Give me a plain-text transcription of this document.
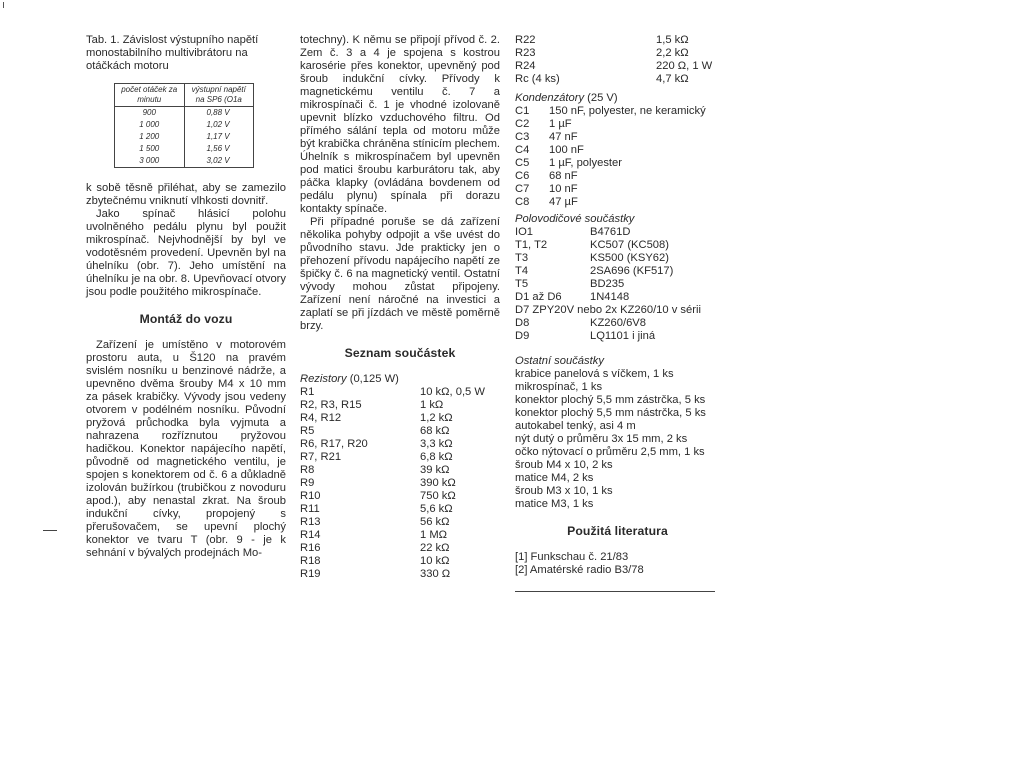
Tab. 1. Závislost výstupního napětí monostabilního multivibrátoru na otáčkách motoru

počet otáček za minutu	výstupní napětí na SP6 (O1a
900	0,88 V
1 000	1,02 V
1 200	1,17 V
1 500	1,56 V
3 000	3,02 V

k sobě těsně přiléhat, aby se zamezilo zbytečnému vniknutí vlhkosti dovnitř.

Jako spínač hlásicí polohu uvolněného pedálu plynu byl použit mikrospínač. Nejvhodnější by byl ve vodotěsném provedení. Upevněn byl na úhelníku (obr. 7). Jeho umístění na úhelníku je na obr. 8. Upevňovací otvory jsou podle použitého mikrospínače.

Montáž do vozu

Zařízení je umístěno v motorovém prostoru auta, u Š120 na pravém svislém nosníku u benzinové nádrže, a upevněno dvěma šrouby M4 x 10 mm za pásek krabičky. Vývody jsou vedeny otvorem v podélném nosníku. Původní pryžová průchodka byla vyjmuta a nahrazena rozříznutou pryžovou hadičkou. Konektor napájecího napětí, původně od magnetického ventilu, je spojen s konektorem od č. 6 a důkladně izolován bužírkou (trubičkou z novoduru apod.), aby nenastal zkrat. Na šroub indukční cívky, propojený s přerušovačem, se upevní plochý konektor ve tvaru T (obr. 9 - je k sehnání v bývalých prodejnách Mo-

totechny). K němu se připojí přívod č. 2. Zem č. 3 a 4 je spojena s kostrou karosérie přes konektor, upevněný pod šroub indukční cívky. Přívody k magnetickému ventilu č. 7 a mikrospínači č. 1 je vhodné izolovaně upevnit blízko vzduchového filtru. Od přímého sálání tepla od motoru může být krabička chráněna stínicím plechem. Úhelník s mikrospínačem byl upevněn pod matici šroubu karburátoru tak, aby páčka klapky (ovládána bovdenem od pedálu plynu) spínala při dorazu kontakty spínače.

Při případné poruše se dá zařízení několika pohyby odpojit a vše uvést do původního stavu. Jde prakticky jen o přehození přívodu napájecího napětí ze špičky č. 6 na magnetický ventil. Ostatní vývody mohou zůstat připojeny. Zařízení není náročné na investici a zaplatí se při jízdách ve městě poměrně brzy.

Seznam součástek
Rezistory (0,125 W)
R1	10 kΩ, 0,5 W
R2, R3, R15	1 kΩ
R4, R12	1,2 kΩ
R5	68 kΩ
R6, R17, R20	3,3 kΩ
R7, R21	6,8 kΩ
R8	39 kΩ
R9	390 kΩ
R10	750 kΩ
R11	5,6 kΩ
R13	56 kΩ
R14	1 MΩ
R16	22 kΩ
R18	10 kΩ
R19	330 Ω
R22	1,5 kΩ
R23	2,2 kΩ
R24	220 Ω, 1 W
Rc (4 ks)	4,7 kΩ
Kondenzátory (25 V)
C1 150 nF, polyester, ne keramický
C2 1 µF
C3 47 nF
C4 100 nF
C5 1 µF, polyester
C6 68 nF
C7 10 nF
C8 47 µF
Polovodičové součástky
IO1	B4761D
T1, T2	KC507 (KC508)
T3	KS500 (KSY62)
T4	2SA696 (KF517)
T5	BD235
D1 až D6	1N4148
D7 ZPY20V nebo 2x KZ260/10 v sérii
D8	KZ260/6V8
D9	LQ1101 i jiná
Ostatní součástky
krabice panelová s víčkem, 1 ks
mikrospínač, 1 ks
konektor plochý 5,5 mm zástrčka, 5 ks
konektor plochý 5,5 mm nástrčka, 5 ks
autokabel tenký, asi 4 m
nýt dutý o průměru 3x 15 mm, 2 ks
očko nýtovací o průměru 2,5 mm, 1 ks
šroub M4 x 10, 2 ks
matice M4, 2 ks
šroub M3 x 10, 1 ks
matice M3, 1 ks
Použitá literatura
[1] Funkschau č. 21/83
[2] Amatérské radio B3/78
